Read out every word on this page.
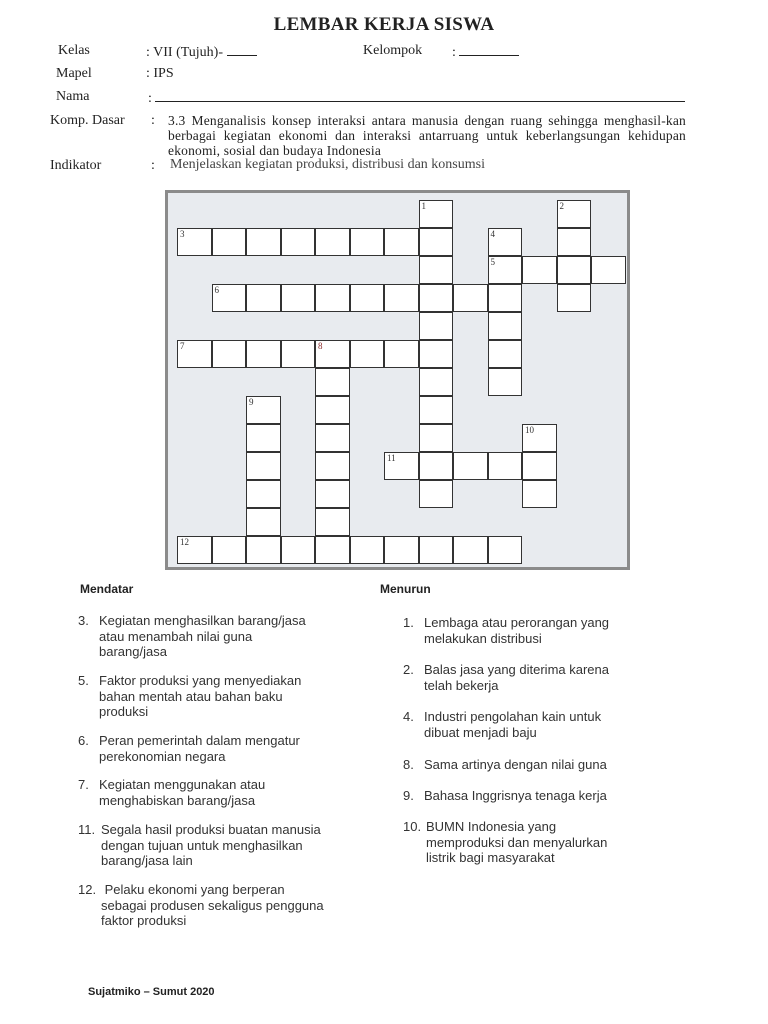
LEMBAR KERJA SISWA
Kelas	: VII (Tujuh)-	Kelompok :
Mapel	: IPS
Nama	:
Komp. Dasar : 3.3 Menganalisis konsep interaksi antara manusia dengan ruang sehingga menghasil-kan berbagai kegiatan ekonomi dan interaksi antarruang untuk keberlangsungan kehidupan ekonomi, sosial dan budaya Indonesia
Indikator	: Menjelaskan kegiatan produksi, distribusi dan konsumsi
1	2
3	4
5
6
7	8
9
10
11
12
Mendatar	Menurun
3. Kegiatan menghasilkan barang/jasa
atau menambah nilai guna
barang/jasa
5. Faktor produksi yang menyediakan
bahan mentah atau bahan baku
produksi
6. Peran pemerintah dalam mengatur
perekonomian negara
7. Kegiatan menggunakan atau
menghabiskan barang/jasa
11. Segala hasil produksi buatan manusia
dengan tujuan untuk menghasilkan
barang/jasa lain
12. Pelaku ekonomi yang berperan
sebagai produsen sekaligus pengguna
faktor produksi
1. Lembaga atau perorangan yang
melakukan distribusi
2. Balas jasa yang diterima karena
telah bekerja
4. Industri pengolahan kain untuk
dibuat menjadi baju
8. Sama artinya dengan nilai guna
9. Bahasa Inggrisnya tenaga kerja
10. BUMN Indonesia yang
memproduksi dan menyalurkan
listrik bagi masyarakat
Sujatmiko – Sumut 2020
